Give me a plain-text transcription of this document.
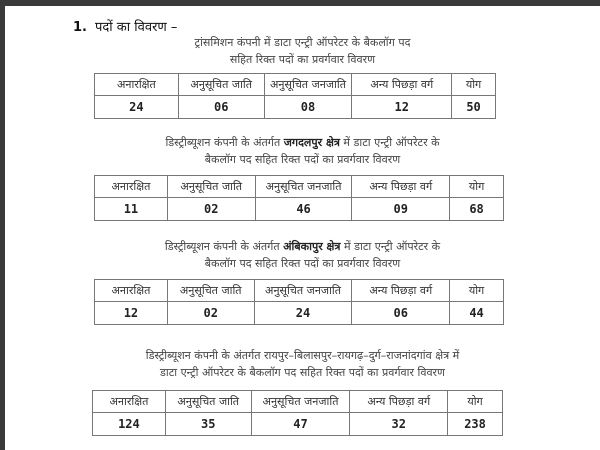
1. पदों का विवरण –
ट्रांसमिशन कंपनी में डाटा एन्ट्री ऑपरेटर के बैकलॉग पद
सहित रिक्त पदों का प्रवर्गवार विवरण
अनारक्षित	अनुसूचित जाति	अनुसूचित जनजाति	अन्य पिछड़ा वर्ग	योग
24	06	08	12	50
डिस्ट्रीब्यूशन कंपनी के अंतर्गत जगदलपुर क्षेत्र में डाटा एन्ट्री ऑपरेटर के
बैकलॉग पद सहित रिक्त पदों का प्रवर्गवार विवरण
अनारक्षित	अनुसूचित जाति	अनुसूचित जनजाति	अन्य पिछड़ा वर्ग	योग
11	02	46	09	68
डिस्ट्रीब्यूशन कंपनी के अंतर्गत अंबिकापुर क्षेत्र में डाटा एन्ट्री ऑपरेटर के
बैकलॉग पद सहित रिक्त पदों का प्रवर्गवार विवरण
अनारक्षित	अनुसूचित जाति	अनुसूचित जनजाति	अन्य पिछड़ा वर्ग	योग
12	02	24	06	44
डिस्ट्रीब्यूशन कंपनी के अंतर्गत रायपुर–बिलासपुर–रायगढ़–दुर्ग–राजनांदगांव क्षेत्र में
डाटा एन्ट्री ऑपरेटर के बैकलॉग पद सहित रिक्त पदों का प्रवर्गवार विवरण
अनारक्षित	अनुसूचित जाति	अनुसूचित जनजाति	अन्य पिछड़ा वर्ग	योग
124	35	47	32	238
